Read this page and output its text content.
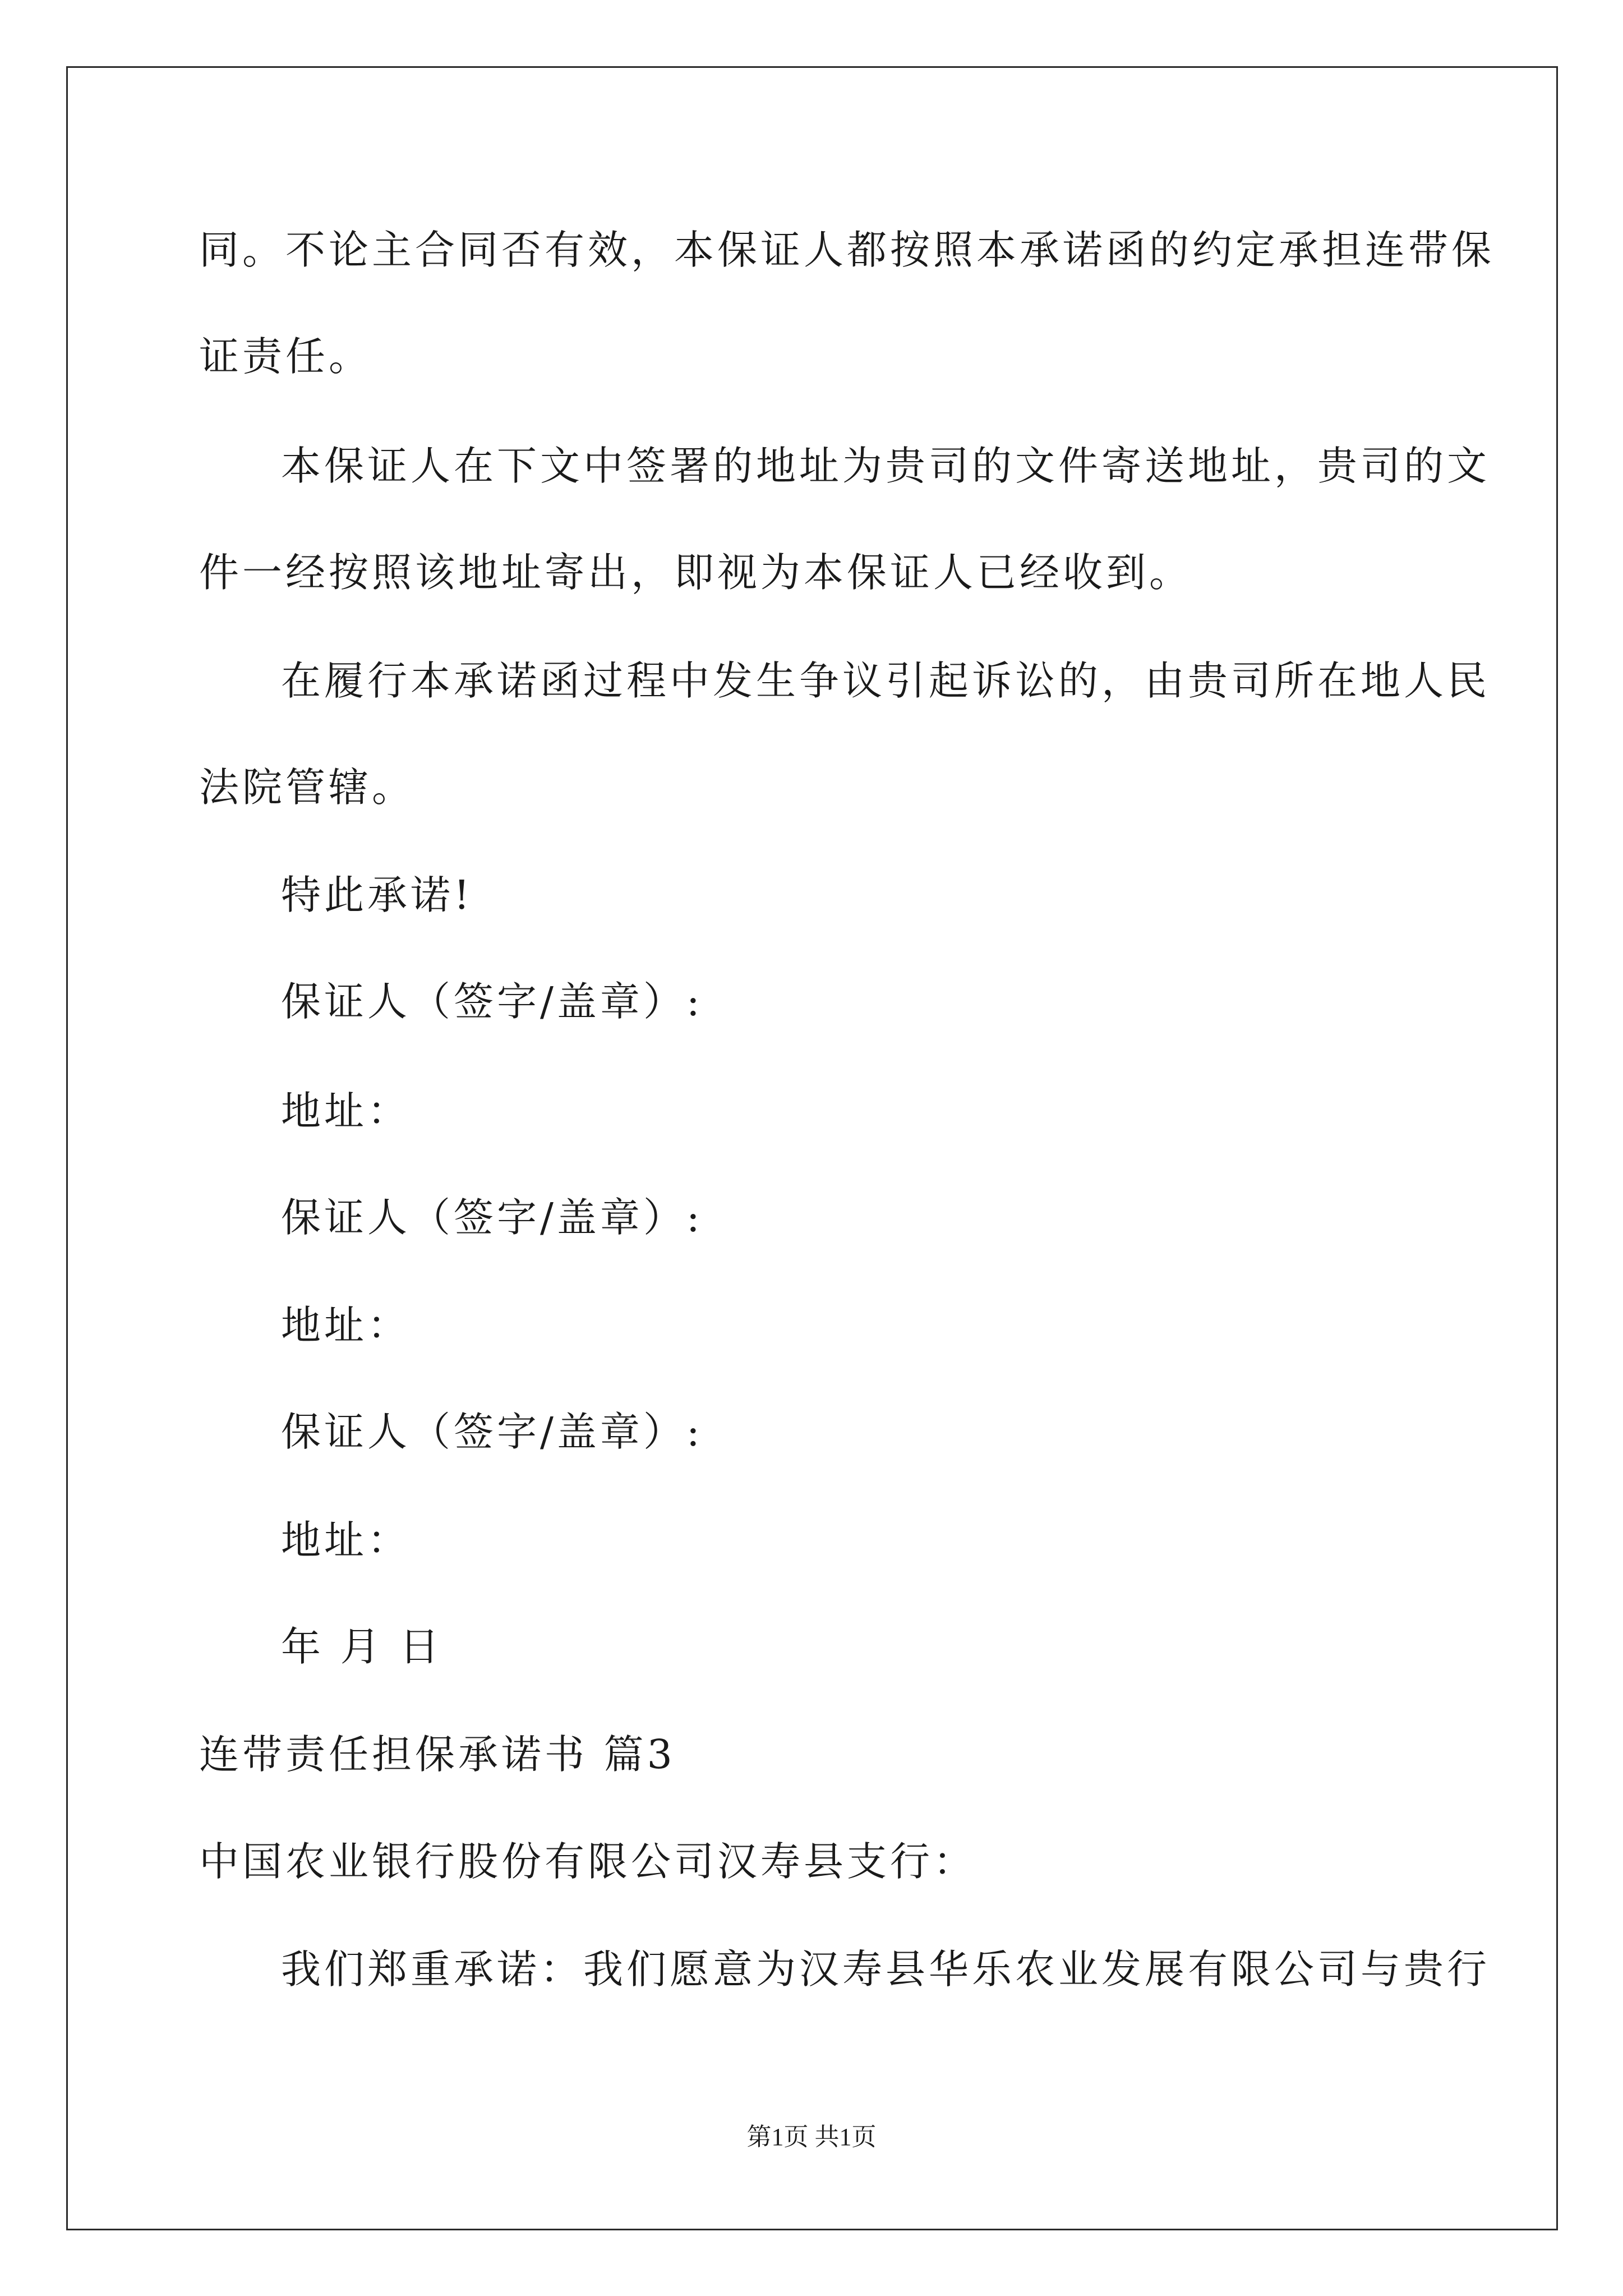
同。不论主合同否有效，本保证人都按照本承诺函的约定承担连带保
证责任。
本保证人在下文中签署的地址为贵司的文件寄送地址，贵司的文
件一经按照该地址寄出，即视为本保证人已经收到。
在履行本承诺函过程中发生争议引起诉讼的，由贵司所在地人民
法院管辖。
特此承诺!
保证人（签字/盖章）:
地址：
保证人（签字/盖章）:
地址：
保证人（签字/盖章）:
地址：
年 月 日
连带责任担保承诺书 篇3
中国农业银行股份有限公司汉寿县支行：
我们郑重承诺：我们愿意为汉寿县华乐农业发展有限公司与贵行
第1页 共1页
